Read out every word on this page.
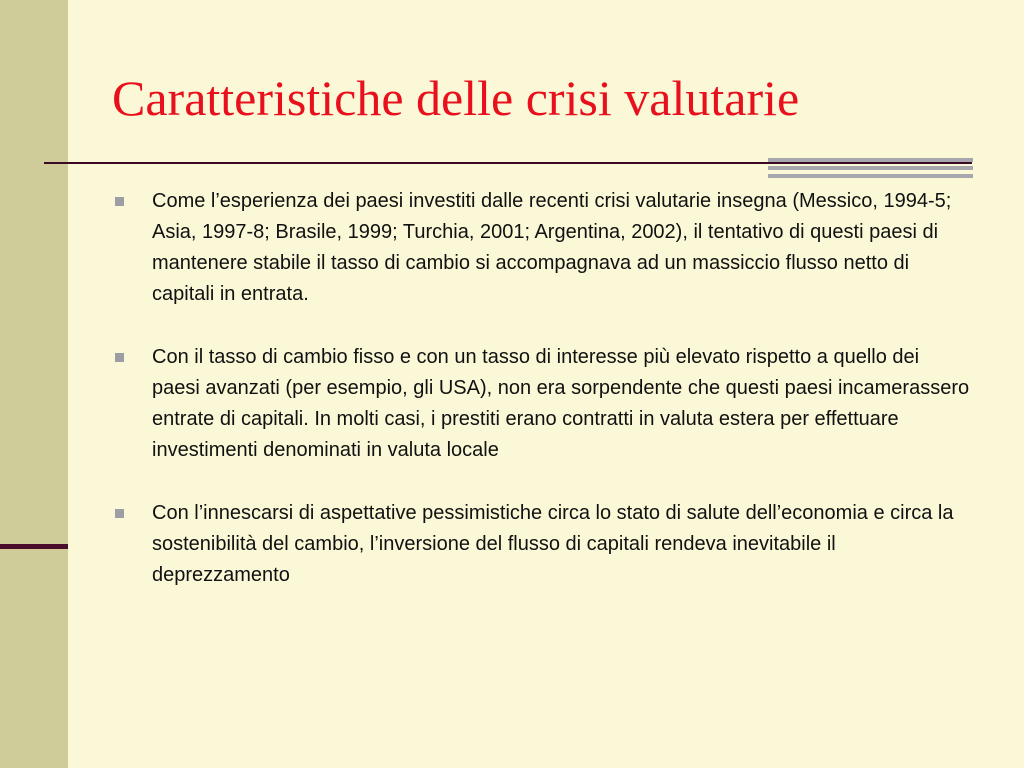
Caratteristiche delle crisi valutarie

Come l’esperienza dei paesi investiti dalle recenti crisi valutarie insegna (Messico, 1994-5; Asia, 1997-8; Brasile, 1999; Turchia, 2001; Argentina, 2002), il tentativo di questi paesi di mantenere stabile il tasso di cambio si accompagnava ad un massiccio flusso netto di capitali in entrata.

Con il tasso di cambio fisso e con un tasso di interesse più elevato rispetto a quello dei paesi avanzati (per esempio, gli USA), non era sorpendente che questi paesi incamerassero entrate di capitali. In molti casi, i prestiti erano contratti in valuta estera per effettuare investimenti denominati in valuta locale

Con l’innescarsi di aspettative pessimistiche circa lo stato di salute dell’economia e circa la sostenibilità del cambio, l’inversione del flusso di capitali rendeva inevitabile il deprezzamento
